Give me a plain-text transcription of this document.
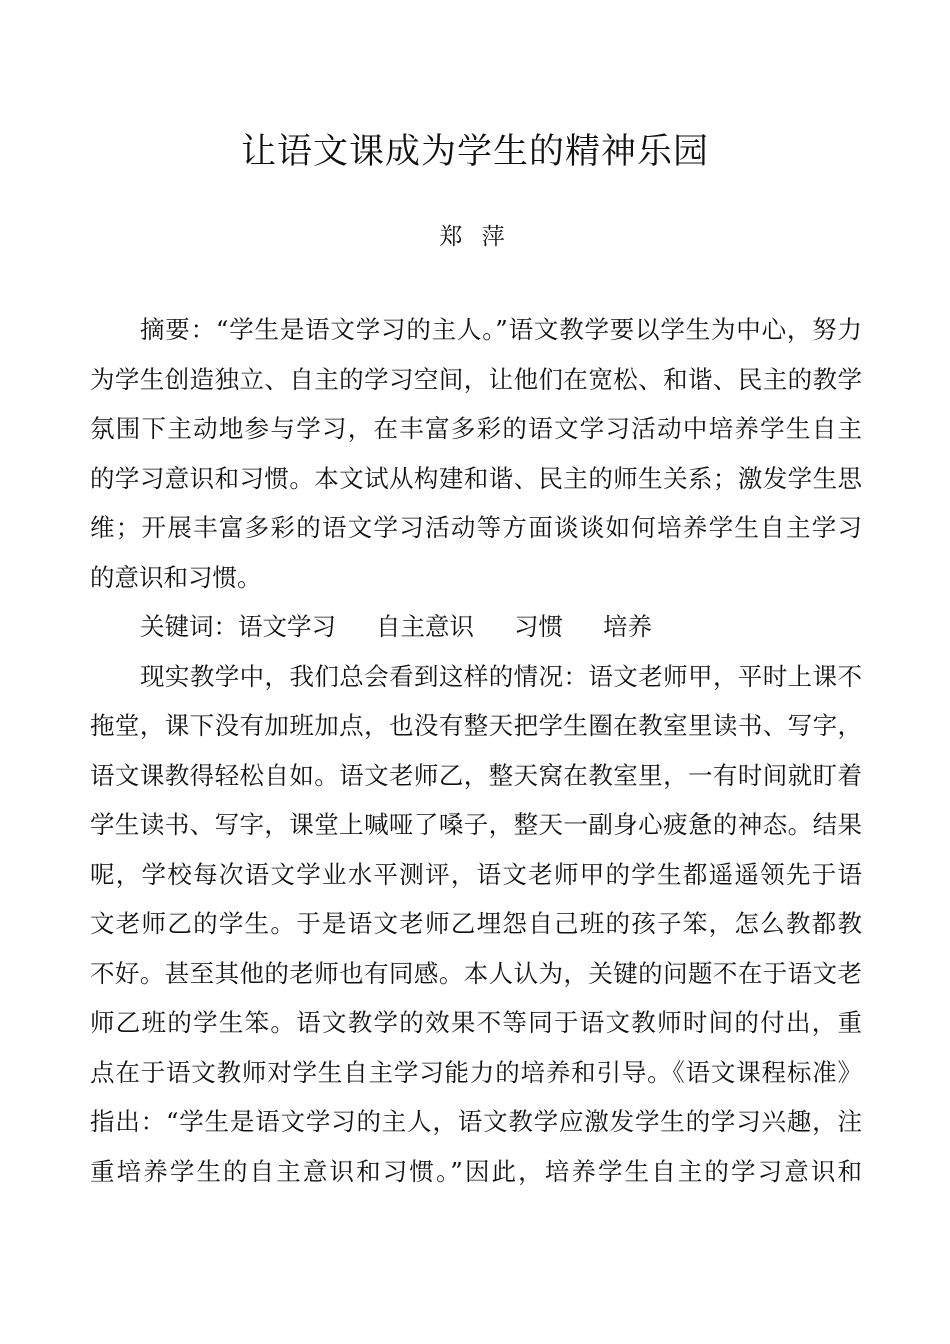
让语文课成为学生的精神乐园
郑 萍
摘要：“学生是语文学习的主人。”语文教学要以学生为中心，努力
为学生创造独立、自主的学习空间，让他们在宽松、和谐、民主的教学
氛围下主动地参与学习，在丰富多彩的语文学习活动中培养学生自主
的学习意识和习惯。本文试从构建和谐、民主的师生关系；激发学生思
维；开展丰富多彩的语文学习活动等方面谈谈如何培养学生自主学习
的意识和习惯。
关键词：语文学习 自主意识 习惯 培养
现实教学中，我们总会看到这样的情况：语文老师甲，平时上课不
拖堂，课下没有加班加点，也没有整天把学生圈在教室里读书、写字，
语文课教得轻松自如。语文老师乙，整天窝在教室里，一有时间就盯着
学生读书、写字，课堂上喊哑了嗓子，整天一副身心疲惫的神态。结果
呢，学校每次语文学业水平测评，语文老师甲的学生都遥遥领先于语
文老师乙的学生。于是语文老师乙埋怨自己班的孩子笨，怎么教都教
不好。甚至其他的老师也有同感。本人认为，关键的问题不在于语文老
师乙班的学生笨。语文教学的效果不等同于语文教师时间的付出，重
点在于语文教师对学生自主学习能力的培养和引导。《语文课程标准》
指出：“学生是语文学习的主人，语文教学应激发学生的学习兴趣，注
重培养学生的自主意识和习惯。”因此，培养学生自主的学习意识和
